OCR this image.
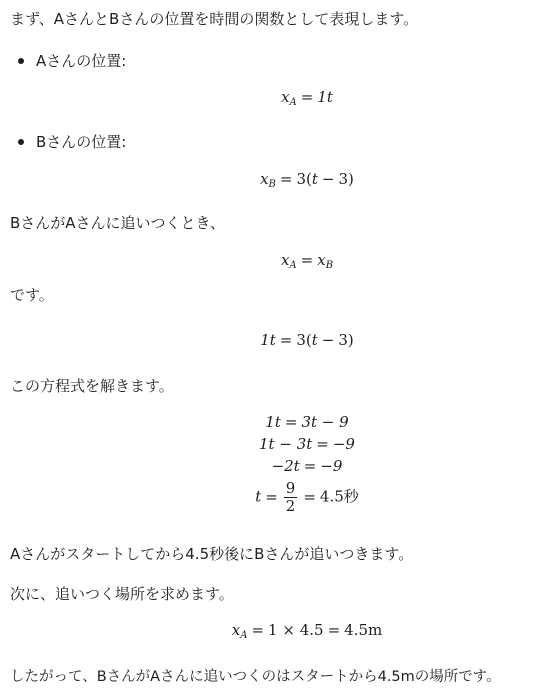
まず、AさんとBさんの位置を時間の関数として表現します。
Aさんの位置:
$x_A = 1t$
Bさんの位置:
$x_B = 3(t - 3)$
BさんがAさんに追いつくとき、
$x_A = x_B$
です。
1t = 3(t − 3)
この方程式を解きます。
1t = 3t − 9
1t − 3t = −9
−2t = −9
$t = \frac{9}{2} = 4.5$秒
Aさんがスタートしてから4.5秒後にBさんが追いつきます。
次に、追いつく場所を求めます。
$x_A = 1 \times 4.5 = 4.5m$
したがって、BさんがAさんに追いつくのはスタートから4.5mの場所です。
